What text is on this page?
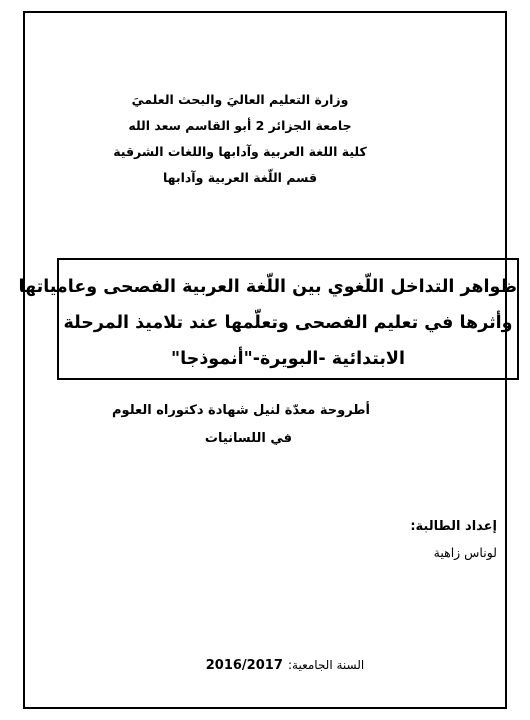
وزارة التعليم العاليَ والبحث العلميَ
جامعة الجزائر 2 أبو القاسم سعد الله
كلية اللغة العربية وآدابها واللغات الشرقية
قسم اللّغة العربية وآدابها
ظواهر التداخل اللّغوي بين اللّغة العربية الفصحى وعامياتها
وأثرها في تعليم الفصحى وتعلّمها عند تلاميذ المرحلة
الابتدائية -البويرة-"أنموذجا"
أطروحة معدّة لنيل شهادة دكتوراه العلوم
في اللسانيات
إعداد الطالبة:
لوناس زاهية
السنة الجامعية: 2016/2017
